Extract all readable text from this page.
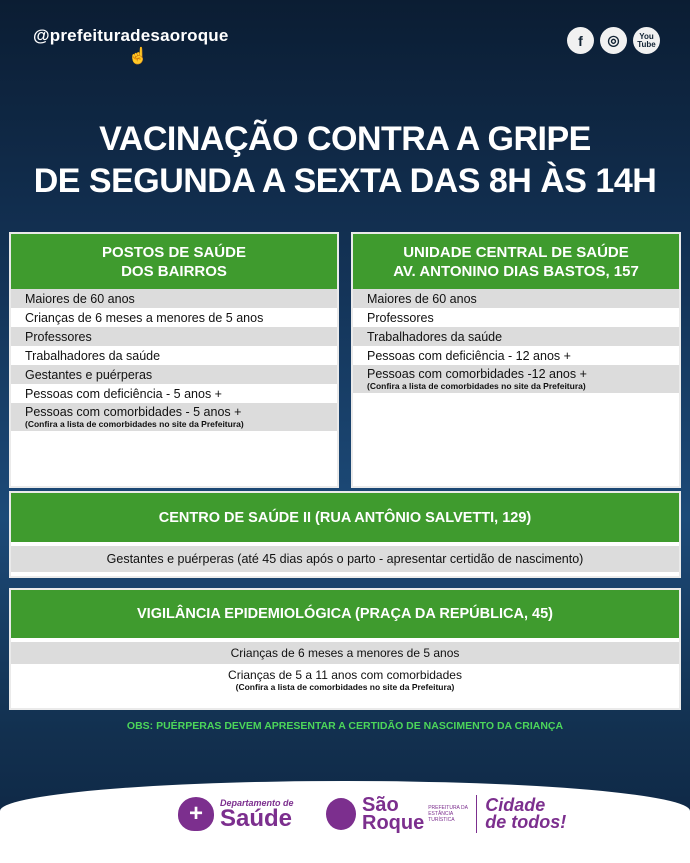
@prefeituradesaoroque
☝
f	◎	You Tube
VACINAÇÃO CONTRA A GRIPE
DE SEGUNDA A SEXTA DAS 8H ÀS 14H
POSTOS DE SAÚDE
DOS BAIRROS
Maiores de 60 anos
Crianças de 6 meses a menores de 5 anos
Professores
Trabalhadores da saúde
Gestantes e puérperas
Pessoas com deficiência - 5 anos +
Pessoas com comorbidades - 5 anos +
(Confira a lista de comorbidades no site da Prefeitura)
UNIDADE CENTRAL DE SAÚDE
AV. ANTONINO DIAS BASTOS, 157
Maiores de 60 anos
Professores
Trabalhadores da saúde
Pessoas com deficiência - 12 anos +
Pessoas com comorbidades -12 anos +
(Confira a lista de comorbidades no site da Prefeitura)
CENTRO DE SAÚDE II (RUA ANTÔNIO SALVETTI, 129)
Gestantes e puérperas (até 45 dias após o parto - apresentar certidão de nascimento)
VIGILÂNCIA EPIDEMIOLÓGICA (PRAÇA DA REPÚBLICA, 45)
Crianças de 6 meses a menores de 5 anos
Crianças de 5 a 11 anos com comorbidades
(Confira a lista de comorbidades no site da Prefeitura)
OBS: PUÉRPERAS DEVEM APRESENTAR A CERTIDÃO DE NASCIMENTO DA CRIANÇA
+	Departamento de
Saúde	São
Roque
PREFEITURA DA ESTÂNCIA TURÍSTICA
Cidade
de todos!
